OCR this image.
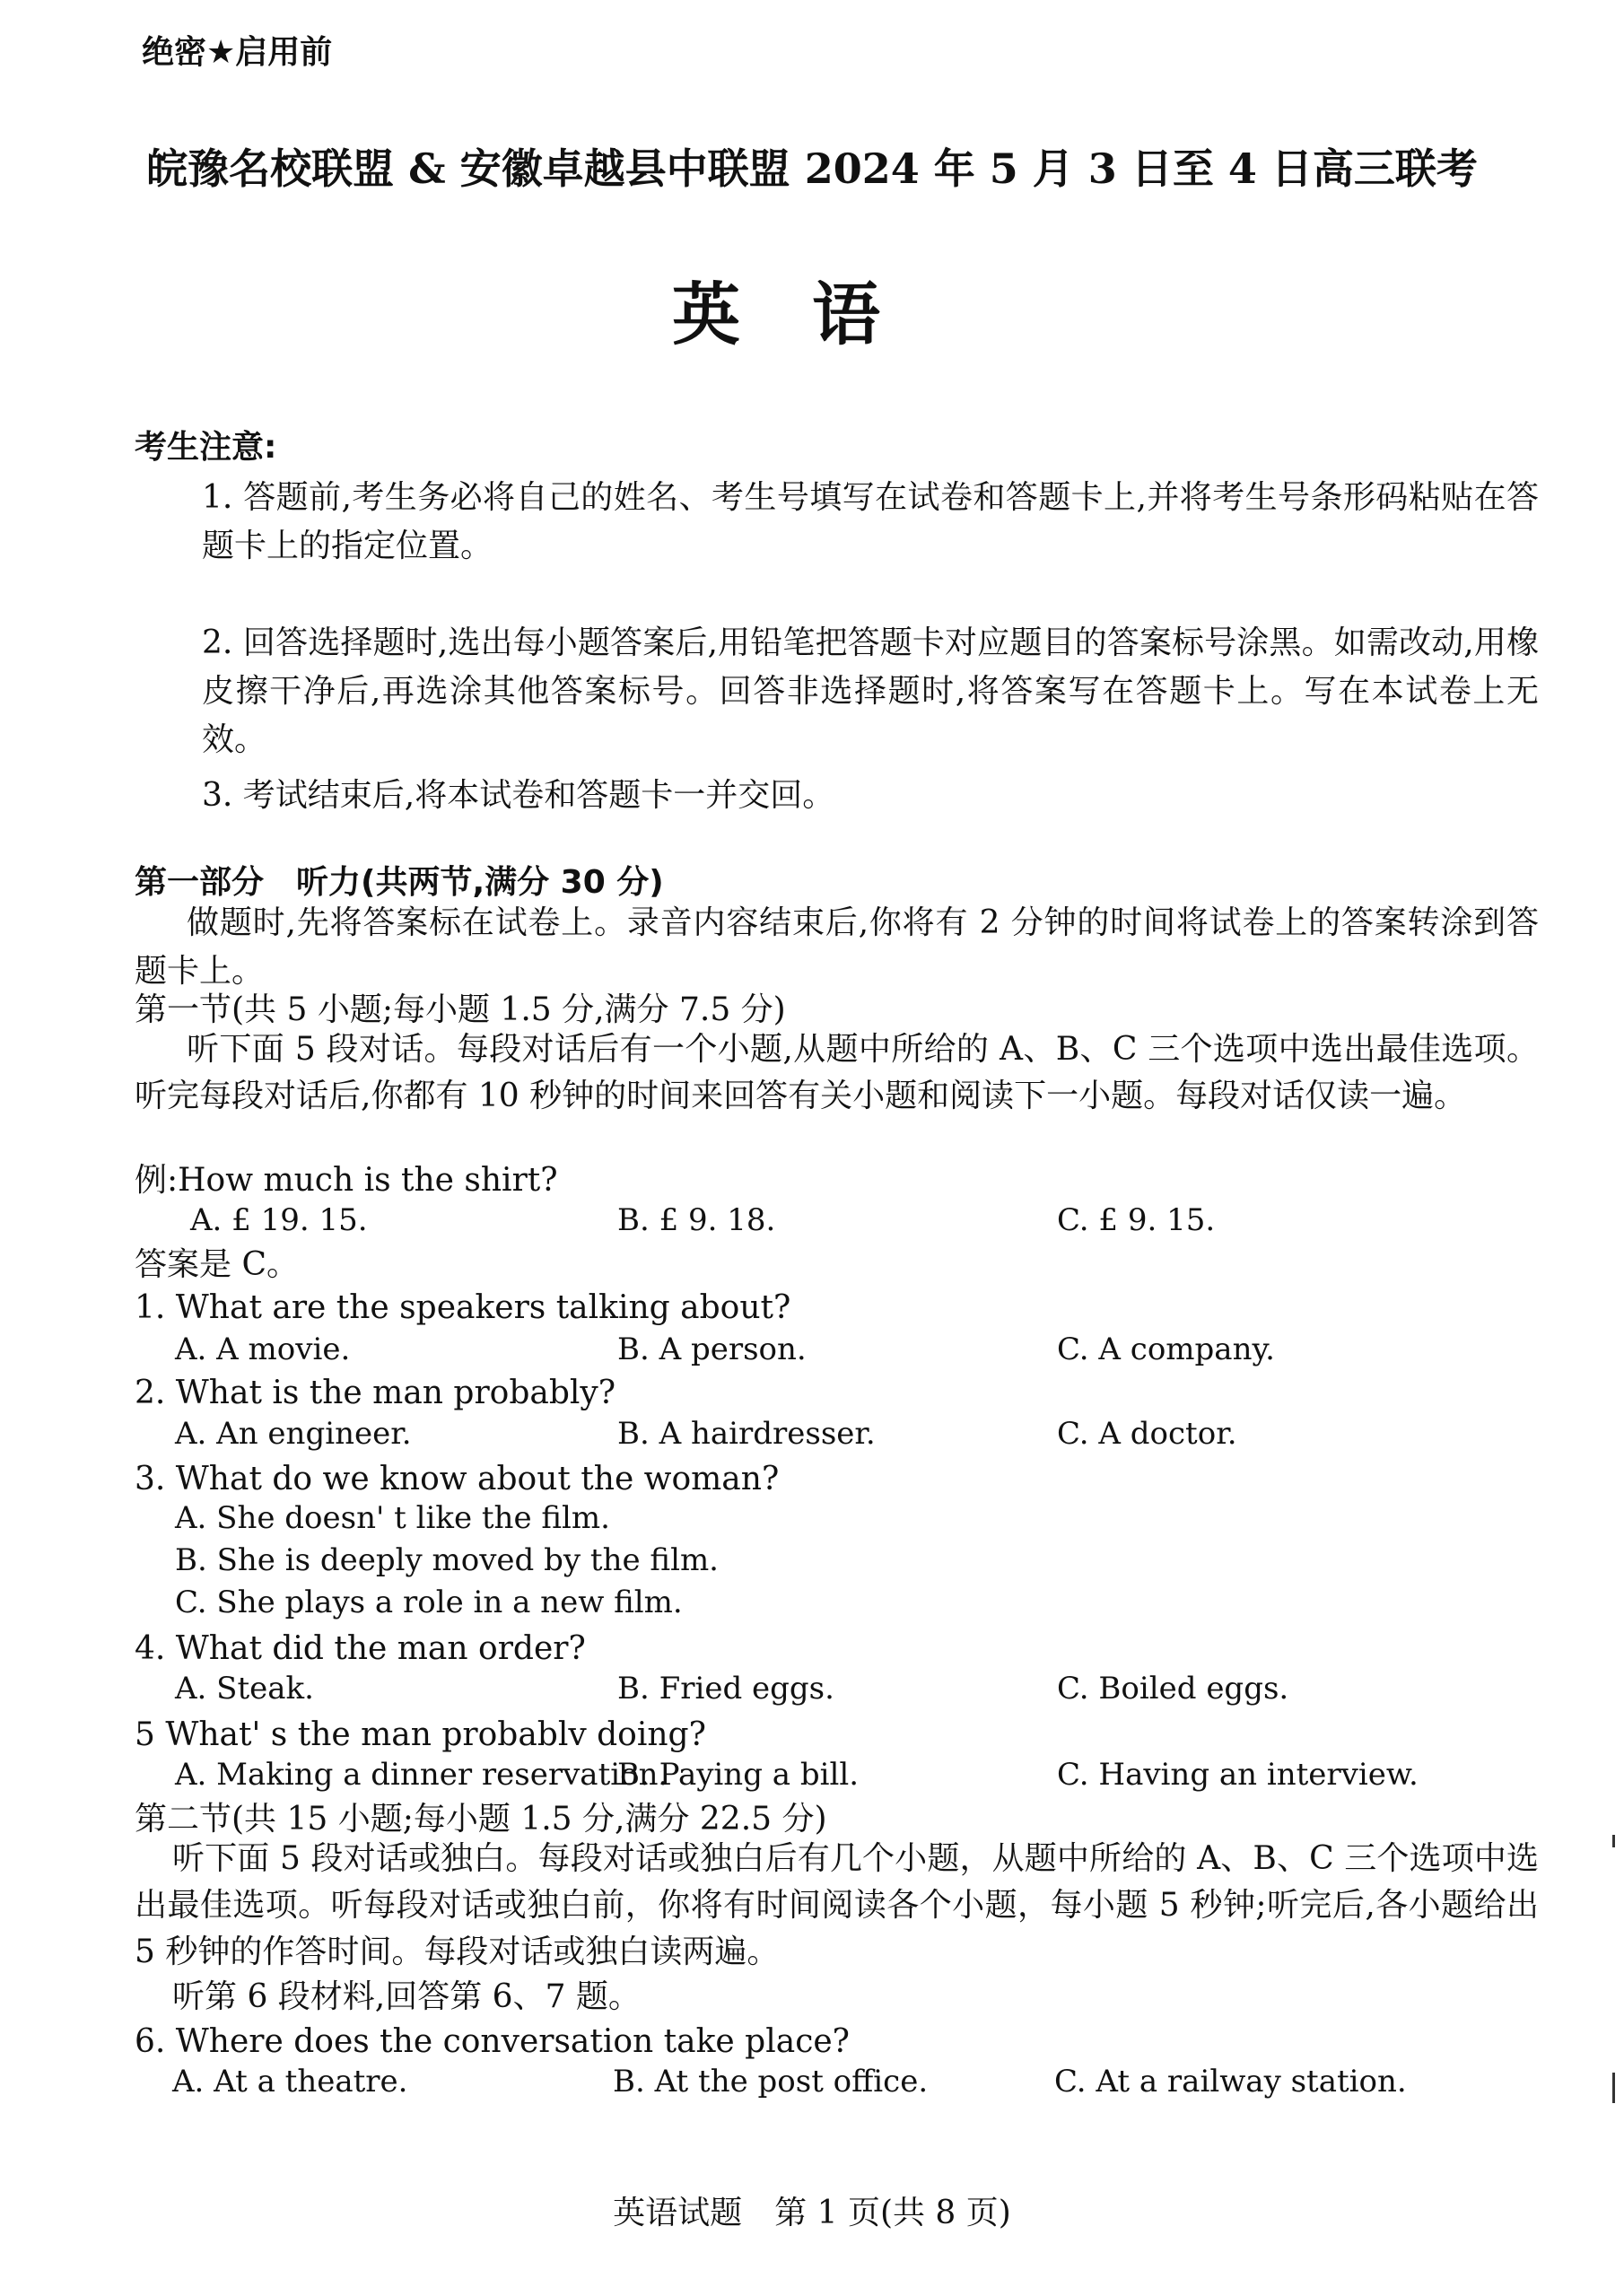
绝密★启用前
皖豫名校联盟 & 安徽卓越县中联盟 2024 年 5 月 3 日至 4 日高三联考
英语
考生注意:
1. 答题前,考生务必将自己的姓名、考生号填写在试卷和答题卡上,并将考生号条形码粘贴在答题卡上的指定位置。
2. 回答选择题时,选出每小题答案后,用铅笔把答题卡对应题目的答案标号涂黑。如需改动,用橡皮擦干净后,再选涂其他答案标号。回答非选择题时,将答案写在答题卡上。写在本试卷上无效。
3. 考试结束后,将本试卷和答题卡一并交回。
第一部分　听力(共两节,满分 30 分)
做题时,先将答案标在试卷上。录音内容结束后,你将有 2 分钟的时间将试卷上的答案转涂到答题卡上。
第一节(共 5 小题;每小题 1.5 分,满分 7.5 分)
听下面 5 段对话。每段对话后有一个小题,从题中所给的 A、B、C 三个选项中选出最佳选项。听完每段对话后,你都有 10 秒钟的时间来回答有关小题和阅读下一小题。每段对话仅读一遍。
例:How much is the shirt?
A. £ 19. 15.	B. £ 9. 18.	C. £ 9. 15.
答案是 C。
1. What are the speakers talking about?
A. A movie.	B. A person.	C. A company.
2. What is the man probably?
A. An engineer.	B. A hairdresser.	C. A doctor.
3. What do we know about the woman?
A. She doesn' t like the film.
B. She is deeply moved by the film.
C. She plays a role in a new film.
4. What did the man order?
A. Steak.	B. Fried eggs.	C. Boiled eggs.
5 What' s the man probablv doing?
A. Making a dinner reservation.
B. Paying a bill.	C. Having an interview.
第二节(共 15 小题;每小题 1.5 分,满分 22.5 分)
听下面 5 段对话或独白。每段对话或独白后有几个小题，从题中所给的 A、B、C 三个选项中选出最佳选项。听每段对话或独白前，你将有时间阅读各个小题，每小题 5 秒钟;听完后,各小题给出 5 秒钟的作答时间。每段对话或独白读两遍。
听第 6 段材料,回答第 6、7 题。
6. Where does the conversation take place?
A. At a theatre.	B. At the post office.	C. At a railway station.
英语试题　第 1 页(共 8 页)
